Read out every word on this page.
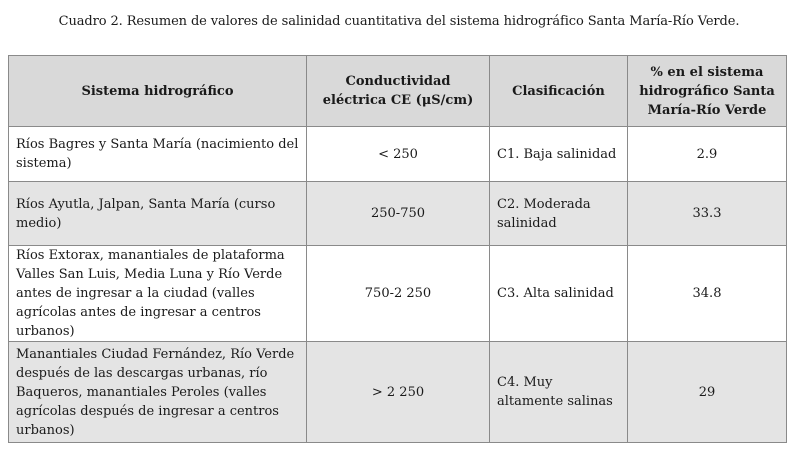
Cuadro 2. Resumen de valores de salinidad cuantitativa del sistema hidrográfico Santa María-Río Verde.
Sistema hidrográfico	Conductividad eléctrica CE (μS/cm)	Clasificación	% en el sistema hidrográfico Santa María-Río Verde
Ríos Bagres y Santa María (nacimiento del sistema)	< 250	C1. Baja salinidad	2.9
Ríos Ayutla, Jalpan, Santa María (curso medio)	250-750	C2. Moderada salinidad	33.3
Ríos Extorax, manantiales de plataforma Valles San Luis, Media Luna y Río Verde antes de ingresar a la ciudad (valles agrícolas antes de ingresar a centros urbanos)	750-2 250	C3. Alta salinidad	34.8
Manantiales Ciudad Fernández, Río Verde después de las descargas urbanas, río Baqueros, manantiales Peroles (valles agrícolas después de ingresar a centros urbanos)	> 2 250	C4. Muy altamente salinas	29
